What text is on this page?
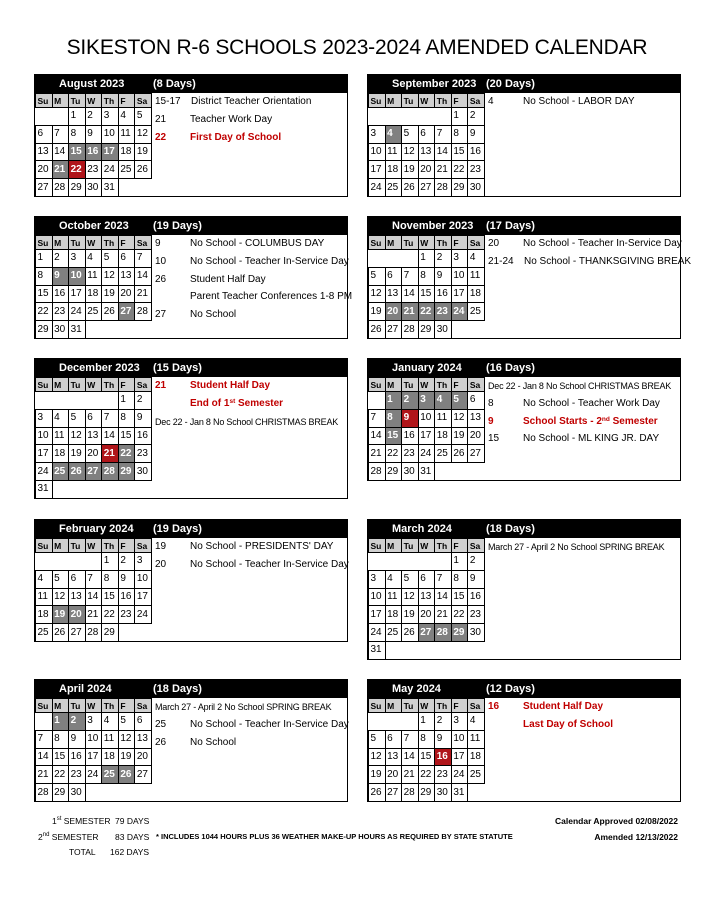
SIKESTON R-6 SCHOOLS 2023-2024 AMENDED CALENDAR
August 2023	(8 Days)
Su	M	Tu	W	Th	F	Sa
		1	2	3	4	5
6	7	8	9	10	11	12
13	14	15	16	17	18	19
20	21	22	23	24	25	26
27	28	29	30	31		
15-17 District Teacher Orientation
21 Teacher Work Day
22 First Day of School
September 2023 (20 Days)
Su	M	Tu	W	Th	F	Sa
					1	2
3	4	5	6	7	8	9
10	11	12	13	14	15	16
17	18	19	20	21	22	23
24	25	26	27	28	29	30
4	No School - LABOR DAY
October 2023 (19 Days)
Su	M	Tu	W	Th	F	Sa
1	2	3	4	5	6	7
8	9	10	11	12	13	14
15	16	17	18	19	20	21
22	23	24	25	26	27	28
29	30	31				
9	No School - COLUMBUS DAY
10 No School - Teacher In-Service Day
26 Student Half Day
Parent Teacher Conferences 1-8 PM
27 No School
November 2023 (17 Days)
Su	M	Tu	W	Th	F	Sa
			1	2	3	4
5	6	7	8	9	10	11
12	13	14	15	16	17	18
19	20	21	22	23	24	25
26	27	28	29	30		
20 No School - Teacher In-Service Day
21-24 No School - THANKSGIVING BREAK
December 2023 (15 Days)
Su	M	Tu	W	Th	F	Sa
					1	2
3	4	5	6	7	8	9
10	11	12	13	14	15	16
17	18	19	20	21	22	23
24	25	26	27	28	29	30
31						
21 Student Half Day
End of 1st Semester
Dec 22 - Jan 8 No School CHRISTMAS BREAK
January 2024 (16 Days)
Su	M	Tu	W	Th	F	Sa
	1	2	3	4	5	6
7	8	9	10	11	12	13
14	15	16	17	18	19	20
21	22	23	24	25	26	27
28	29	30	31			
Dec 22 - Jan 8 No School CHRISTMAS BREAK
8	No School - Teacher Work Day
9	School Starts - 2nd Semester
15 No School - ML KING JR. DAY
February 2024 (19 Days)
Su	M	Tu	W	Th	F	Sa
				1	2	3
4	5	6	7	8	9	10
11	12	13	14	15	16	17
18	19	20	21	22	23	24
25	26	27	28	29		
19 No School - PRESIDENTS' DAY
20 No School - Teacher In-Service Day
March 2024	(18 Days)
Su	M	Tu	W	Th	F	Sa
					1	2
3	4	5	6	7	8	9
10	11	12	13	14	15	16
17	18	19	20	21	22	23
24	25	26	27	28	29	30
31						
March 27 - April 2 No School SPRING BREAK
April 2024	(18 Days)
Su	M	Tu	W	Th	F	Sa
	1	2	3	4	5	6
7	8	9	10	11	12	13
14	15	16	17	18	19	20
21	22	23	24	25	26	27
28	29	30				
March 27 - April 2 No School SPRING BREAK
25 No School - Teacher In-Service Day
26 No School
May 2024	(12 Days)
Su	M	Tu	W	Th	F	Sa
			1	2	3	4
5	6	7	8	9	10	11
12	13	14	15	16	17	18
19	20	21	22	23	24	25
26	27	28	29	30	31	
16 Student Half Day
Last Day of School
1st SEMESTER 79 DAYS
2nd SEMESTER 83 DAYS
TOTAL 162 DAYS
* INCLUDES 1044 HOURS PLUS 36 WEATHER MAKE-UP HOURS AS REQUIRED BY STATE STATUTE
Calendar Approved 02/08/2022
Amended 12/13/2022
